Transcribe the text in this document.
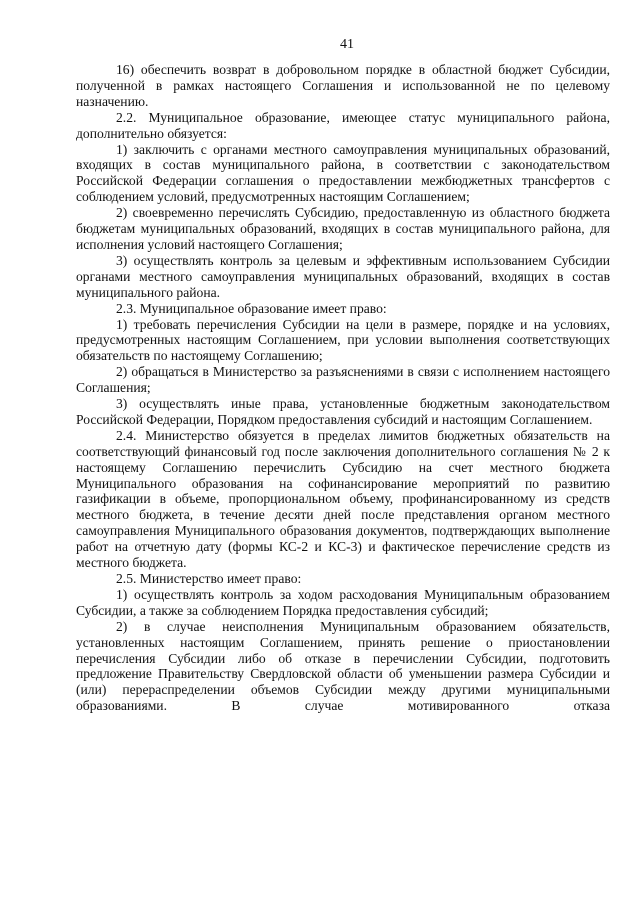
41

16) обеспечить возврат в добровольном порядке в областной бюджет Субсидии, полученной в рамках настоящего Соглашения и использованной не по целевому назначению.

2.2. Муниципальное образование, имеющее статус муниципального района, дополнительно обязуется:

1) заключить с органами местного самоуправления муниципальных образований, входящих в состав муниципального района, в соответствии с законодательством Российской Федерации соглашения о предоставлении межбюджетных трансфертов с соблюдением условий, предусмотренных настоящим Соглашением;

2) своевременно перечислять Субсидию, предоставленную из областного бюджета бюджетам муниципальных образований, входящих в состав муниципального района, для исполнения условий настоящего Соглашения;

3) осуществлять контроль за целевым и эффективным использованием Субсидии органами местного самоуправления муниципальных образований, входящих в состав муниципального района.

2.3. Муниципальное образование имеет право:

1) требовать перечисления Субсидии на цели в размере, порядке и на условиях, предусмотренных настоящим Соглашением, при условии выполнения соответствующих обязательств по настоящему Соглашению;

2) обращаться в Министерство за разъяснениями в связи с исполнением настоящего Соглашения;

3) осуществлять иные права, установленные бюджетным законодательством Российской Федерации, Порядком предоставления субсидий и настоящим Соглашением.

2.4. Министерство обязуется в пределах лимитов бюджетных обязательств на соответствующий финансовый год после заключения дополнительного соглашения № 2 к настоящему Соглашению перечислить Субсидию на счет местного бюджета Муниципального образования на софинансирование мероприятий по развитию газификации в объеме, пропорциональном объему, профинансированному из средств местного бюджета, в течение десяти дней после представления органом местного самоуправления Муниципального образования документов, подтверждающих выполнение работ на отчетную дату (формы КС-2 и КС-3) и фактическое перечисление средств из местного бюджета.

2.5. Министерство имеет право:

1) осуществлять контроль за ходом расходования Муниципальным образованием Субсидии, а также за соблюдением Порядка предоставления субсидий;

2) в случае неисполнения Муниципальным образованием обязательств, установленных настоящим Соглашением, принять решение о приостановлении перечисления Субсидии либо об отказе в перечислении Субсидии, подготовить предложение Правительству Свердловской области об уменьшении размера Субсидии и (или) перераспределении объемов Субсидии между другими муниципальными образованиями. В случае мотивированного отказа
